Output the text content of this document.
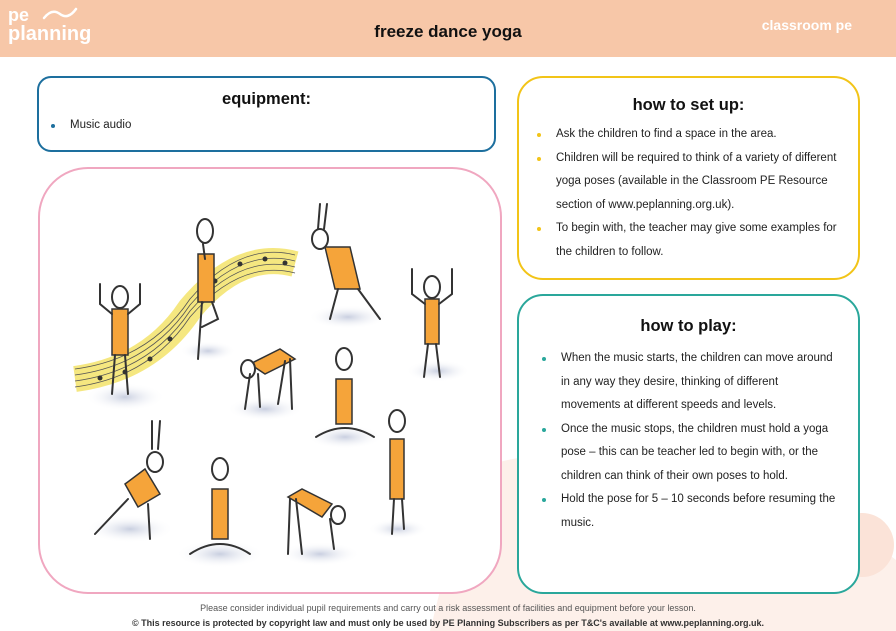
pe
planning	freeze dance yoga	classroom pe
equipment:
Music audio
how to set up:
Ask the children to find a space in the area.
Children will be required to think of a variety of different yoga poses (available in the Classroom PE Resource section of www.peplanning.org.uk).
To begin with, the teacher may give some examples for the children to follow.
how to play:
When the music starts, the children can move around in any way they desire, thinking of different movements at different speeds and levels.
Once the music stops, the children must hold a yoga pose – this can be teacher led to begin with, or the children can think of their own poses to hold.
Hold the pose for 5 – 10 seconds before resuming the music.
Please consider individual pupil requirements and carry out a risk assessment of facilities and equipment before your lesson.
© This resource is protected by copyright law and must only be used by PE Planning Subscribers as per T&C's available at www.peplanning.org.uk.
